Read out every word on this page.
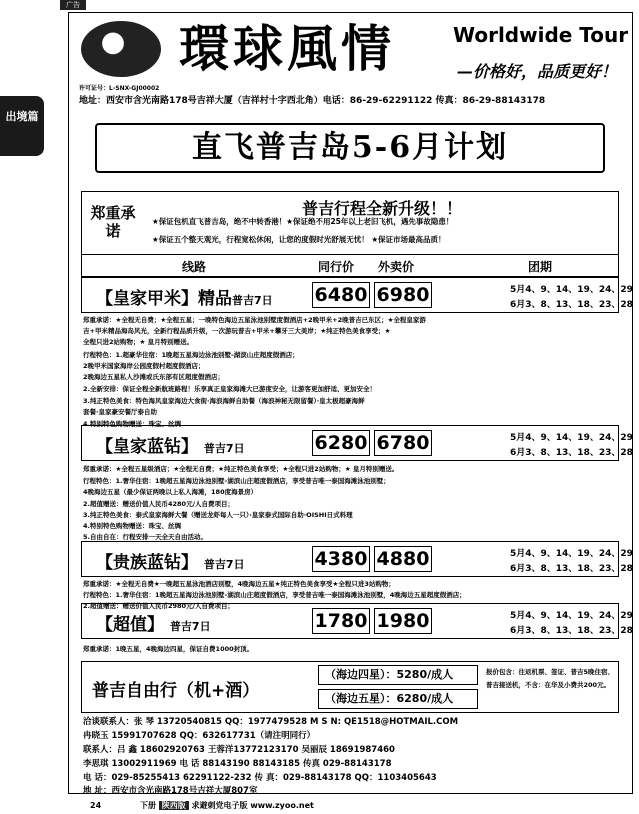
广告
出境篇
環球風情	Worldwide Tour
—价格好，品质更好！
许可证号：L-SNX-GJ00002
地址：西安市含光南路178号吉祥大厦（吉祥村十字西北角）电话：86-29-62291122 传真：86-29-88143178
直飞普吉岛5-6月计划
郑重承诺
普吉行程全新升级！！
★保证包机直飞普吉岛，绝不中转香港！★保证绝不用25年以上老旧飞机，遇先事故隐患！
★保证五个整天观光，行程宽松休闲，让您的度假时光舒展无忧！ ★保证市场最高品质！
线路	同行价 外卖价	团期
【皇家甲米】精品普吉7日 6480 6980	5月4、9、14、19、24、29
6月3、8、13、18、23、28
郑重承诺：★全程无自费；★全程五星；一晚特色海边五星泳池别墅度假酒店+2晚甲米+2晚普吉已东区；★全程皇家游
吉+甲米精品海岛风光，全新行程品质升级，一次游玩普吉+甲米+攀牙三大美岸；★纯正特色美食享受；★
全程只进2站购物；★ 皇月特别赠送。
行程特色：1.超豪华住宿：1晚超五星海边泳池别墅-湖滨山庄超度假酒店；
2晚甲米国家海岸公园度假村超度假酒店；
2晚海边五星私人沙滩或氏东部有区超度假酒店；
2.全新安排：保证全程全新航班路程！乐享真正皇家海滩大已游度安全，让游客更加舒适、更加安全！
3.纯正特色美食：特色海风皇家海边大食街·海浪海鲜自助餐（海浪神秘无限留餐）·皇太极超豪海鲜
套餐·皇家豪安餐厅泰自助
4.特别特色购物赠送：珠宝、丝绸
【皇家蓝钻】 普吉7日	6280 6780	5月4、9、14、19、24、29
6月3、8、13、18、23、28
郑重承诺：★全程五星级酒店；★全程无自费；★纯正特色美食享受；★全程只进2站购物；★ 皇月特别赠送。
行程特色：1.奢华住宿：1晚超五星海边泳池别墅-湖滨山庄超度假酒店，享受普吉唯一泰国海滩泳池别墅；
4晚海边五星（最少保证两晚以上私人海滩，180度海景房）
2.超值赠送：赠送价值人民币4280元/人自费项目；
3.纯正特色美食：泰式皇家海鲜大餐（赠送龙虾每人一只）·皇家泰式国际自助·OISHI日式料理
4.特别特色购物赠送：珠宝、丝绸
5.自由自在：行程安排一天全天自由活动。
【贵族蓝钻】 普吉7日	4380 4880	5月4、9、14、19、24、29
6月3、8、13、18、23、28
郑重承诺：★全程无自费★一晚超五星泳池酒店别墅，4晚海边五星★纯正特色美食享受★全程只进3站购物；
行程特色：1.奢华住宿：1晚超五星海边泳池别墅-湖滨山庄超度假酒店，享受普吉唯一泰国海滩泳池别墅，4晚海边五星超度假酒店；
2.超值赠送：赠送价值人民币2980元/人自费项目；
【超值】 普吉7日	1780 1980	5月4、9、14、19、24、29
6月3、8、13、18、23、28
郑重承诺：1晚五星，4晚海边四星，保证自费1000封顶。
普吉自由行（机+酒）
（海边四星）：5280/成人
（海边五星）：6280/成人
报价包含：往返机票、签证、普吉5晚住宿、普吉接送机，不含：在华及小费共200元。
洽谈联系人：张 琴 13720540815 QQ：1977479528 M S N: QE1518@HOTMAIL.COM
冉晓玉 15991707628 QQ：632617731（请注明同行）
联系人：吕 鑫 18602920763 王蓉洋13772123170 吴丽辰 18691987460
李思琪 13002911969 电 话 88143190 88143185 传真 029-88143178
电 话：029-85255413 62291122-232 传 真：029-88143178 QQ：1103405643
地 址：西安市含光南路178号吉祥大厦807室
24	下册 陕西版 求避刺党电子版 www.zyoo.net
